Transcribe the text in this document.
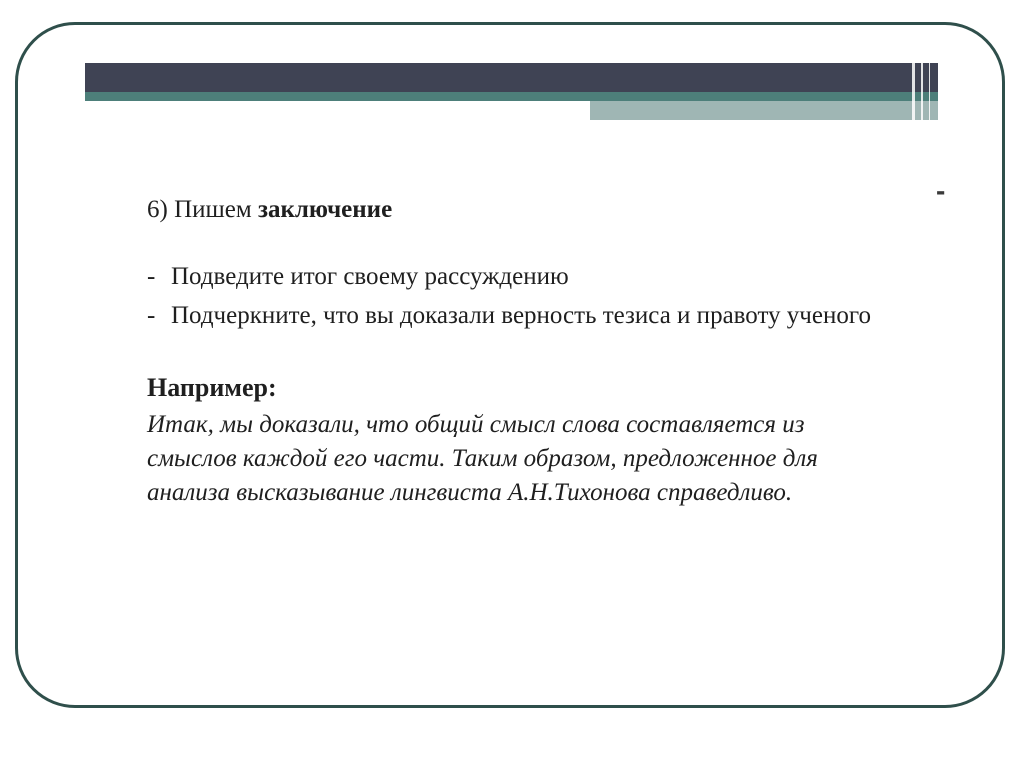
-

6) Пишем заключение

- Подведите итог своему рассуждению
- Подчеркните, что вы доказали верность тезиса и правоту ученого

Например:

Итак, мы доказали, что общий смысл слова составляется из смыслов каждой его части. Таким образом, предложенное для анализа высказывание лингвиста А.Н.Тихонова справедливо.
